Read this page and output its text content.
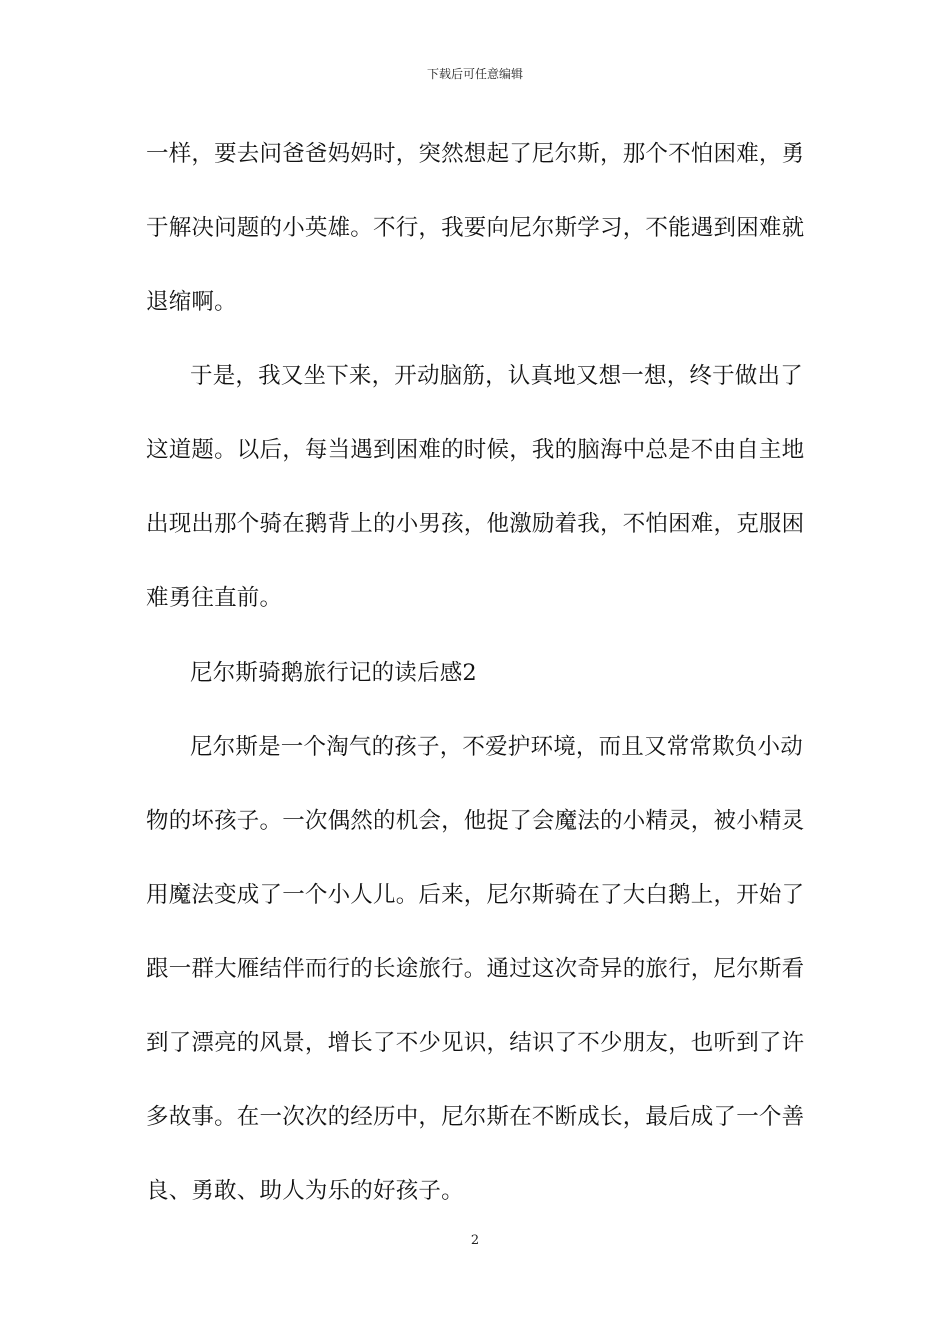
下载后可任意编辑
一样，要去问爸爸妈妈时，突然想起了尼尔斯，那个不怕困难，勇
于解决问题的小英雄。不行，我要向尼尔斯学习，不能遇到困难就
退缩啊。
于是，我又坐下来，开动脑筋，认真地又想一想，终于做出了
这道题。以后，每当遇到困难的时候，我的脑海中总是不由自主地
出现出那个骑在鹅背上的小男孩，他激励着我，不怕困难，克服困
难勇往直前。
尼尔斯骑鹅旅行记的读后感2
尼尔斯是一个淘气的孩子，不爱护环境，而且又常常欺负小动
物的坏孩子。一次偶然的机会，他捉了会魔法的小精灵，被小精灵
用魔法变成了一个小人儿。后来，尼尔斯骑在了大白鹅上，开始了
跟一群大雁结伴而行的长途旅行。通过这次奇异的旅行，尼尔斯看
到了漂亮的风景，增长了不少见识，结识了不少朋友，也听到了许
多故事。在一次次的经历中，尼尔斯在不断成长，最后成了一个善
良、勇敢、助人为乐的好孩子。
2
